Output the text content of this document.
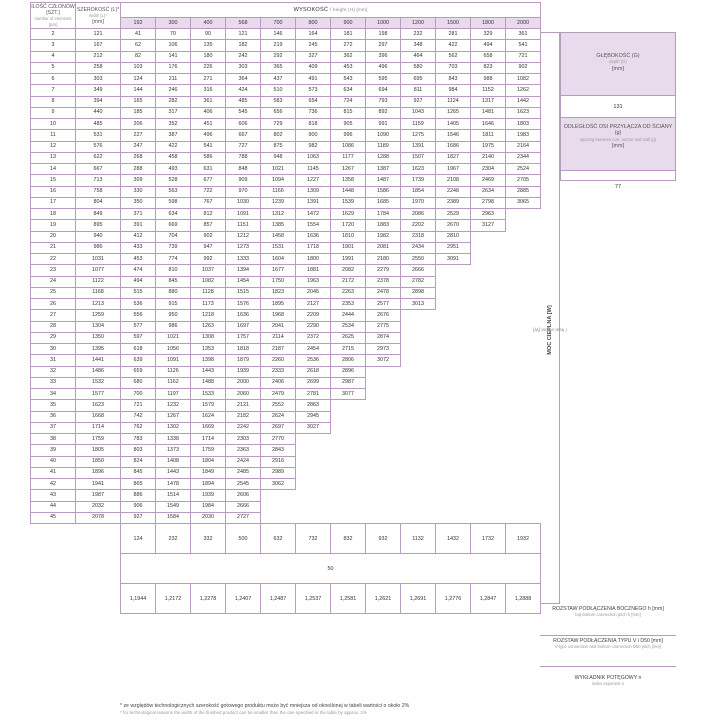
ILOŚĆ CZŁONÓW [SZT.]
number of elements [pcs]	SZEROKOŚĆ (L)*
width (L)*
[mm]	WYSOKOŚĆ / height (H) [mm]											
		192	300	400	568	700	800	900	1000	1200	1500	1800	2000
2	121	41	70	90	121	146	164	181	198	232	281	329	361
3	167	62	106	135	182	219	245	272	297	348	422	494	541
4	212	82	141	180	242	292	327	362	396	464	562	658	721
5	258	103	176	226	303	365	409	453	496	580	703	823	902
6	303	124	211	271	364	437	491	543	595	695	843	988	1082
7	349	144	246	316	424	510	573	634	694	811	984	1152	1262
8	394	165	282	361	485	583	654	724	793	927	1124	1317	1442
9	440	185	317	406	545	656	736	815	892	1043	1265	1481	1623
10	485	206	352	451	606	729	818	905	991	1159	1405	1646	1803
11	531	227	387	496	667	802	900	996	1090	1275	1546	1811	1983
12	576	247	422	541	727	875	982	1086	1189	1391	1686	1975	2164
13	622	268	458	586	788	948	1063	1177	1288	1507	1827	2140	2344
14	667	288	493	631	848	1021	1145	1267	1387	1623	1967	2304	2524
15	713	309	528	677	909	1094	1227	1358	1487	1739	2108	2469	2705
16	758	330	563	722	970	1166	1309	1448	1586	1854	2248	2634	2885
17	804	350	598	767	1030	1239	1391	1539	1685	1970	2389	2798	3065
18	849	371	634	812	1091	1312	1472	1629	1784	2086	2529	2963	
19	895	391	669	857	1151	1385	1554	1720	1883	2202	2670	3127	
20	940	412	704	902	1212	1458	1636	1810	1982	2318	2810		
21	986	433	739	947	1273	1531	1718	1901	2081	2434	2951		
22	1031	453	774	992	1333	1604	1800	1991	2180	2550	3091		
23	1077	474	810	1037	1394	1677	1881	2082	2279	2666			
24	1122	494	845	1082	1454	1750	1963	2172	2378	2782			
25	1168	515	880	1128	1515	1823	2045	2263	2478	2898			
26	1213	536	915	1173	1576	1895	2127	2353	2577	3013			
27	1259	556	950	1218	1636	1968	2209	2444	2676				
28	1304	577	986	1263	1697	2041	2290	2534	2775				
29	1350	597	1021	1308	1757	2114	2372	2625	2874				
30	1395	618	1056	1353	1818	2187	2454	2715	2973				
31	1441	639	1091	1398	1879	2260	2536	2806	3072				
32	1486	659	1126	1443	1939	2333	2618	2896					
33	1532	680	1162	1488	2000	2406	2699	2987					
34	1577	700	1197	1533	2060	2479	2781	3077					
35	1623	721	1232	1579	2121	2552	2863						
36	1668	742	1267	1624	2182	2624	2945						
37	1714	762	1302	1669	2242	2697	3027						
38	1759	783	1338	1714	2303	2770							
39	1805	803	1373	1759	2363	2843							
40	1850	824	1408	1804	2424	2916							
41	1896	845	1443	1849	2485	2989							
42	1941	865	1478	1894	2545	3062							
43	1987	886	1514	1939	2606								
44	2032	906	1549	1984	2666								
45	2078	927	1584	2030	2727								
		124	232	332	500	632	732	832	932	1132	1432	1732	1932
		50											
		1,1944	1,2172	1,2278	1,2407	1,2487	1,2537	1,2581	1,2621	1,2691	1,2776	1,2847	1,2888
MOC CIEPLNA [W]
/ heat output [W]
GŁĘBOKOŚĆ (G)
depth (G)
[mm]
131
ODLEGŁOŚĆ OSI PRZYŁĄCZA OD ŚCIANY (g)
spacing between con- nector and wall (g)
[mm]
77
ROZSTAW PODŁĄCZENIA BOCZNEGO h [mm]
top-bottom connection pitch h [mm]
ROZSTAW PODŁĄCZENIA TYPU V i D50 [mm]
V-type connection and bottom connection D50 pitch [mm]
WYKŁADNIK POTĘGOWY n
index exponent n
* ze względów technologicznych szerokość gotowego produktu może być mniejsza od określonej w tabeli wartości o około 2%
* for technological reasons the width of the finished product can be smaller than the one specified in the table by approx. 2%
